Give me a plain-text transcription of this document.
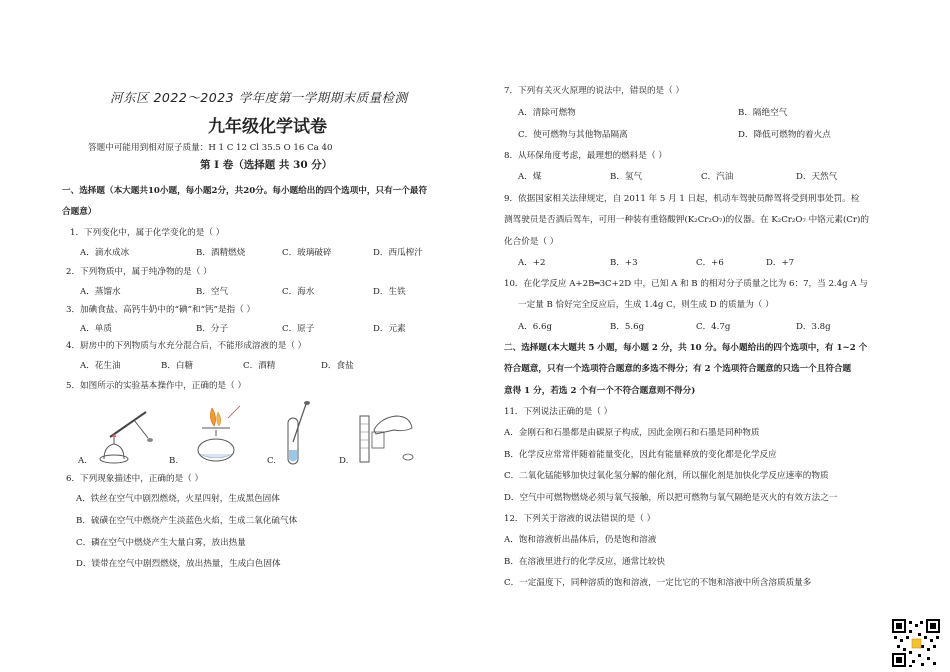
河东区 2022～2023 学年度第一学期期末质量检测
九年级化学试卷
答题中可能用到相对原子质量：H 1 C 12 Cl 35.5 O 16 Ca 40
第 Ⅰ 卷（选择题 共 30 分）
一、选择题（本大题共10小题，每小题2分，共20分。每小题给出的四个选项中，只有一个最符
合题意）
1．下列变化中，属于化学变化的是（ ）
A．滴水成冰	B．酒精燃烧	C．玻璃破碎	D．西瓜榨汁
2．下列物质中，属于纯净物的是（ ）
A．蒸馏水	B．空气	C．海水	D．生铁
3．加碘食盐、高钙牛奶中的“碘”和“钙”是指（ ）
A．单质	B．分子	C．原子	D．元素
4．厨房中的下列物质与水充分混合后，不能形成溶液的是（ ）
A．花生油	B．白糖	C．酒精	D．食盐
5．如图所示的实验基本操作中，正确的是（ ）
A.	B.	C.	D.
6．下列现象描述中，正确的是（ ）
A．铁丝在空气中剧烈燃烧，火星四射，生成黑色固体
B．硫磺在空气中燃烧产生淡蓝色火焰，生成二氧化硫气体
C．磷在空气中燃烧产生大量白雾，放出热量
D．镁带在空气中剧烈燃烧，放出热量，生成白色固体
7．下列有关灭火原理的说法中，错误的是（ ）
A．清除可燃物	B．隔绝空气
C．使可燃物与其他物品隔离	D．降低可燃物的着火点
8．从环保角度考虑，最理想的燃料是（ ）
A．煤	B．氢气	C．汽油	D．天然气
9．依据国家相关法律规定，自 2011 年 5 月 1 日起，机动车驾驶员醉驾将受到刑事处罚。检
测驾驶员是否酒后驾车，可用一种装有重铬酸钾(K₂Cr₂O₇)的仪器。在 K₂Cr₂O₇ 中铬元素(Cr)的
化合价是（ ）
A．+2	B．+3	C．+6	D．+7
10．在化学反应 A+2B═3C+2D 中，已知 A 和 B 的相对分子质量之比为 6：7，当 2.4g A 与
一定量 B 恰好完全反应后，生成 1.4g C，则生成 D 的质量为（ ）
A．6.6g	B．5.6g	C．4.7g	D．3.8g
二、选择题(本大题共 5 小题，每小题 2 分，共 10 分。每小题给出的四个选项中，有 1~2 个
符合题意，只有一个选项符合题意的多选不得分；有 2 个选项符合题意的只选一个且符合题
意得 1 分，若选 2 个有一个不符合题意则不得分)
11．下列说法正确的是（ ）
A．金刚石和石墨都是由碳原子构成，因此金刚石和石墨是同种物质
B．化学反应常常伴随着能量变化，因此有能量释放的变化都是化学反应
C．二氧化锰能够加快过氧化氢分解的催化剂，所以催化剂是加快化学反应速率的物质
D．空气中可燃物燃烧必须与氧气接触，所以把可燃物与氧气隔绝是灭火的有效方法之一
12．下列关于溶液的说法错误的是（ ）
A．饱和溶液析出晶体后，仍是饱和溶液
B．在溶液里进行的化学反应，通常比较快
C．一定温度下，同种溶质的饱和溶液，一定比它的不饱和溶液中所含溶质质量多
